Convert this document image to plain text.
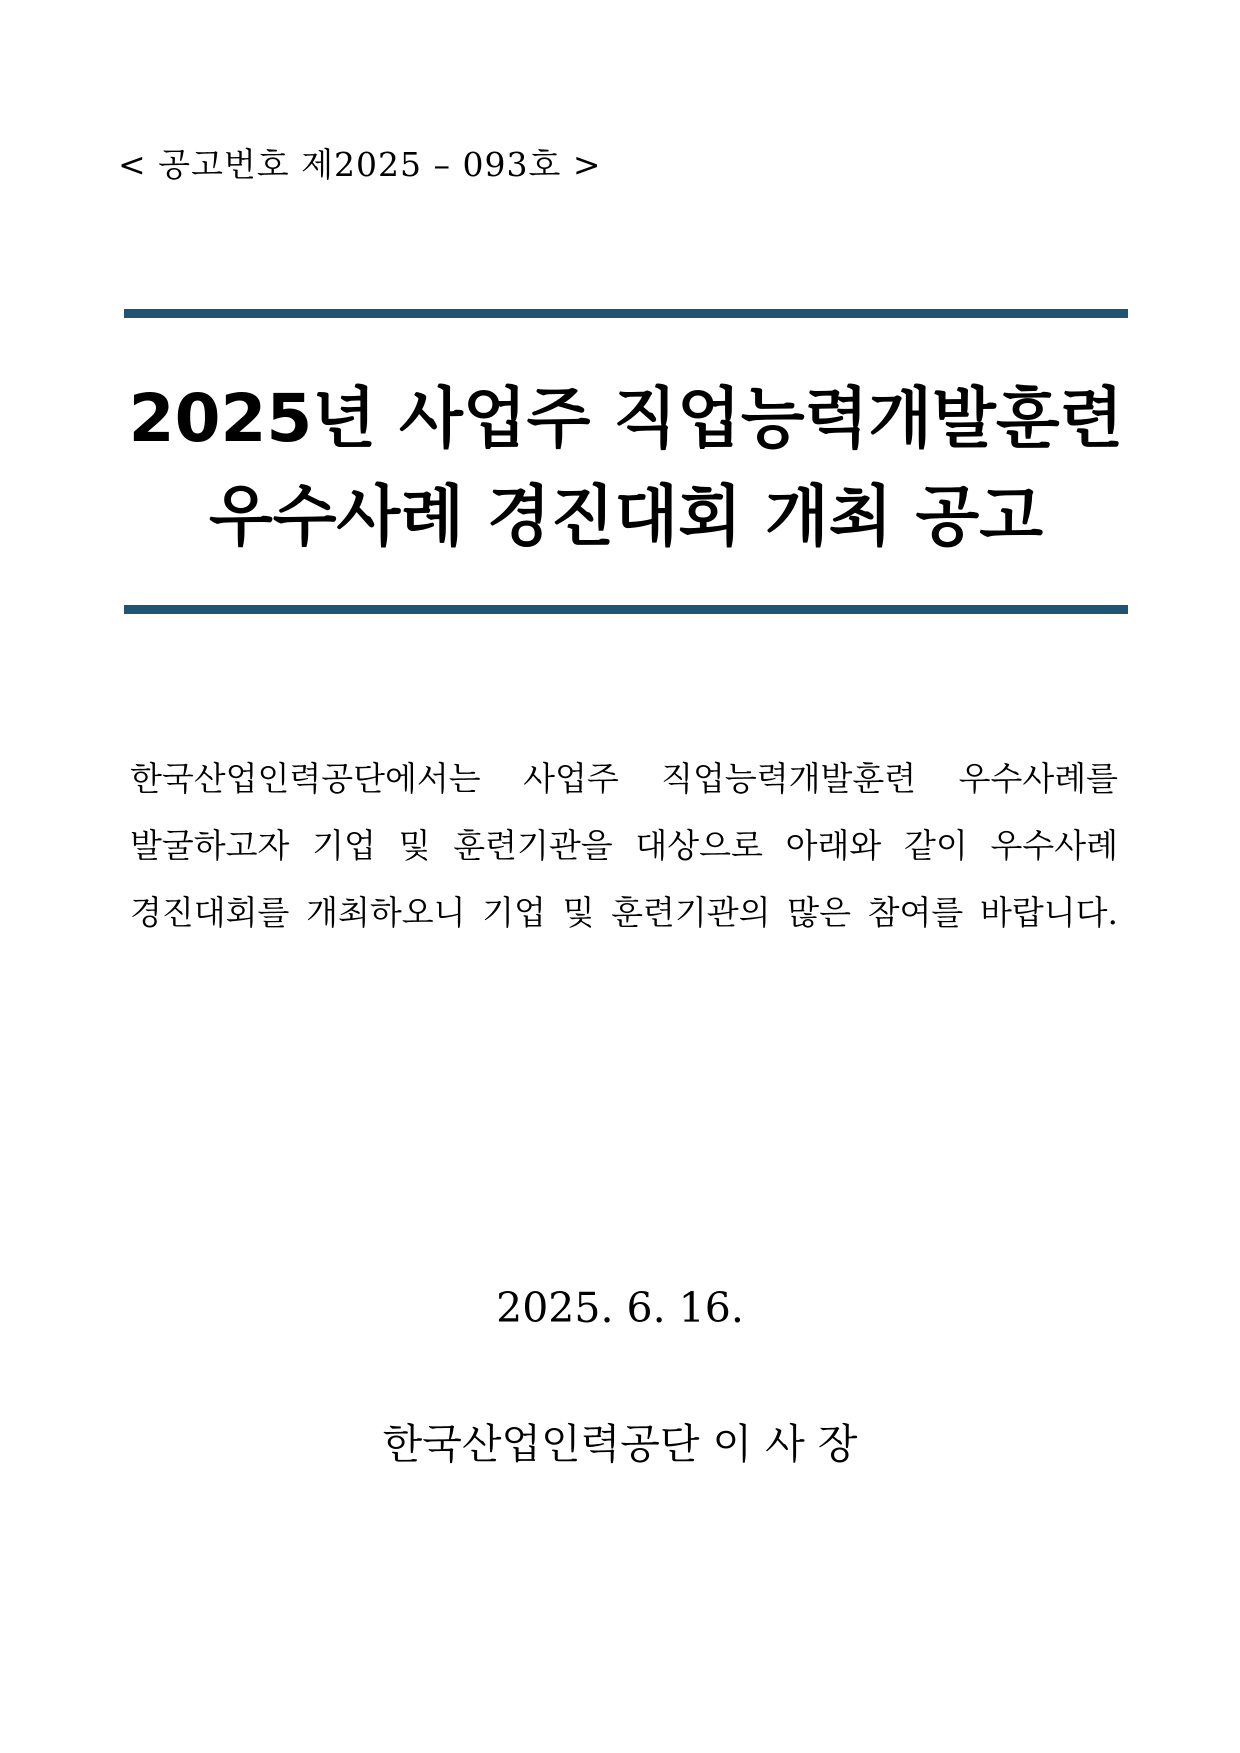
< 공고번호 제2025 – 093호 >
2025년 사업주 직업능력개발훈련
우수사례 경진대회 개최 공고
한국산업인력공단에서는 사업주 직업능력개발훈련 우수사례를
발굴하고자 기업 및 훈련기관을 대상으로 아래와 같이 우수사례
경진대회를 개최하오니 기업 및 훈련기관의 많은 참여를 바랍니다.
2025. 6. 16.
한국산업인력공단 이 사 장
